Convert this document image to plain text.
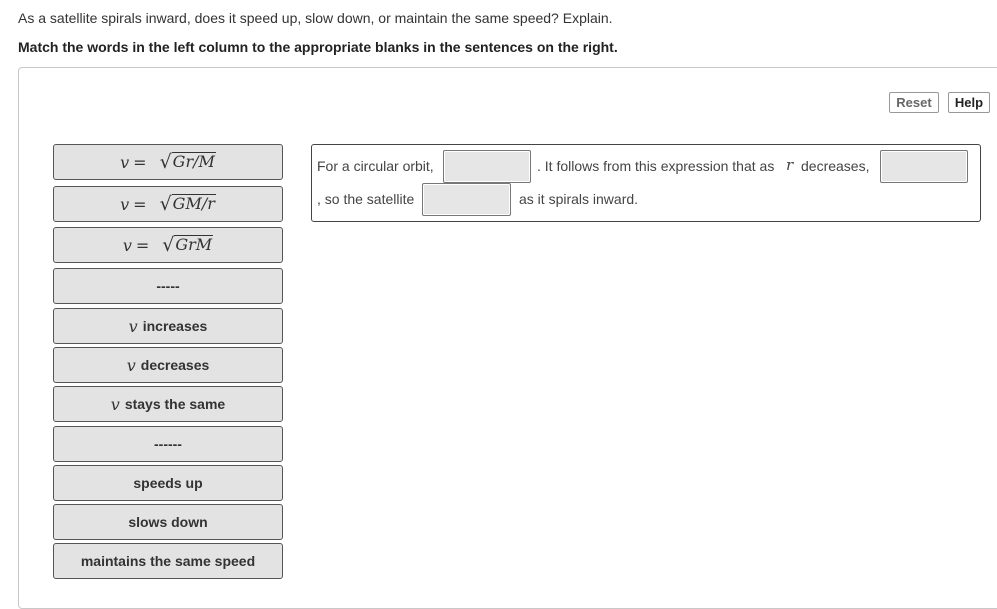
As a satellite spirals inward, does it speed up, slow down, or maintain the same speed? Explain.
Match the words in the left column to the appropriate blanks in the sentences on the right.
Reset	Help
v = √ Gr/M
v = √ GM/r
v = √ GrM
-----
v increases
v decreases
v stays the same
------
speeds up
slows down
maintains the same speed
For a circular orbit,	. It follows from this expression that as r decreases,
, so the satellite	as it spirals inward.
